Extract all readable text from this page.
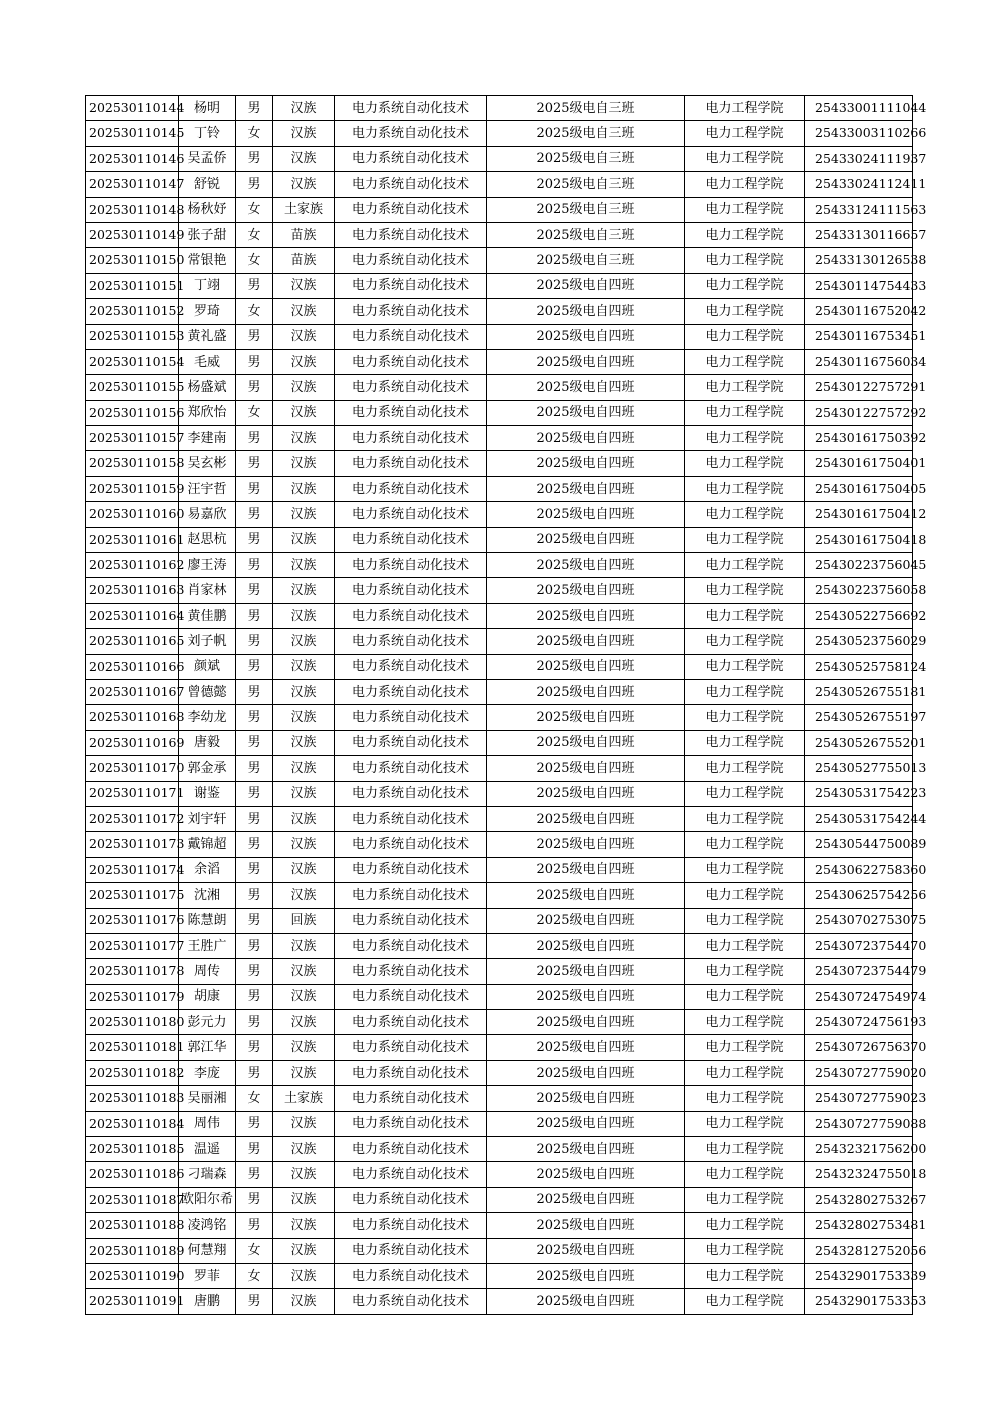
202530110144	杨明	男	汉族	电力系统自动化技术	2025级电自三班	电力工程学院	25433001111044
202530110145	丁铃	女	汉族	电力系统自动化技术	2025级电自三班	电力工程学院	25433003110266
202530110146	吴孟侨	男	汉族	电力系统自动化技术	2025级电自三班	电力工程学院	25433024111937
202530110147	舒锐	男	汉族	电力系统自动化技术	2025级电自三班	电力工程学院	25433024112411
202530110148	杨秋妤	女	土家族	电力系统自动化技术	2025级电自三班	电力工程学院	25433124111563
202530110149	张子甜	女	苗族	电力系统自动化技术	2025级电自三班	电力工程学院	25433130116657
202530110150	常银艳	女	苗族	电力系统自动化技术	2025级电自三班	电力工程学院	25433130126538
202530110151	丁翊	男	汉族	电力系统自动化技术	2025级电自四班	电力工程学院	25430114754433
202530110152	罗琦	女	汉族	电力系统自动化技术	2025级电自四班	电力工程学院	25430116752042
202530110153	黄礼盛	男	汉族	电力系统自动化技术	2025级电自四班	电力工程学院	25430116753451
202530110154	毛威	男	汉族	电力系统自动化技术	2025级电自四班	电力工程学院	25430116756034
202530110155	杨盛斌	男	汉族	电力系统自动化技术	2025级电自四班	电力工程学院	25430122757291
202530110156	郑欣怡	女	汉族	电力系统自动化技术	2025级电自四班	电力工程学院	25430122757292
202530110157	李建南	男	汉族	电力系统自动化技术	2025级电自四班	电力工程学院	25430161750392
202530110158	吴玄彬	男	汉族	电力系统自动化技术	2025级电自四班	电力工程学院	25430161750401
202530110159	汪宇哲	男	汉族	电力系统自动化技术	2025级电自四班	电力工程学院	25430161750405
202530110160	易嘉欣	男	汉族	电力系统自动化技术	2025级电自四班	电力工程学院	25430161750412
202530110161	赵思杭	男	汉族	电力系统自动化技术	2025级电自四班	电力工程学院	25430161750418
202530110162	廖王涛	男	汉族	电力系统自动化技术	2025级电自四班	电力工程学院	25430223756045
202530110163	肖家林	男	汉族	电力系统自动化技术	2025级电自四班	电力工程学院	25430223756058
202530110164	黄佳鹏	男	汉族	电力系统自动化技术	2025级电自四班	电力工程学院	25430522756692
202530110165	刘子帆	男	汉族	电力系统自动化技术	2025级电自四班	电力工程学院	25430523756029
202530110166	颜斌	男	汉族	电力系统自动化技术	2025级电自四班	电力工程学院	25430525758124
202530110167	曾德懿	男	汉族	电力系统自动化技术	2025级电自四班	电力工程学院	25430526755181
202530110168	李幼龙	男	汉族	电力系统自动化技术	2025级电自四班	电力工程学院	25430526755197
202530110169	唐毅	男	汉族	电力系统自动化技术	2025级电自四班	电力工程学院	25430526755201
202530110170	郭金承	男	汉族	电力系统自动化技术	2025级电自四班	电力工程学院	25430527755013
202530110171	谢鉴	男	汉族	电力系统自动化技术	2025级电自四班	电力工程学院	25430531754223
202530110172	刘宇轩	男	汉族	电力系统自动化技术	2025级电自四班	电力工程学院	25430531754244
202530110173	戴锦超	男	汉族	电力系统自动化技术	2025级电自四班	电力工程学院	25430544750089
202530110174	余滔	男	汉族	电力系统自动化技术	2025级电自四班	电力工程学院	25430622758360
202530110175	沈湘	男	汉族	电力系统自动化技术	2025级电自四班	电力工程学院	25430625754256
202530110176	陈慧朗	男	回族	电力系统自动化技术	2025级电自四班	电力工程学院	25430702753075
202530110177	王胜广	男	汉族	电力系统自动化技术	2025级电自四班	电力工程学院	25430723754470
202530110178	周传	男	汉族	电力系统自动化技术	2025级电自四班	电力工程学院	25430723754479
202530110179	胡康	男	汉族	电力系统自动化技术	2025级电自四班	电力工程学院	25430724754974
202530110180	彭元力	男	汉族	电力系统自动化技术	2025级电自四班	电力工程学院	25430724756193
202530110181	郭江华	男	汉族	电力系统自动化技术	2025级电自四班	电力工程学院	25430726756370
202530110182	李庞	男	汉族	电力系统自动化技术	2025级电自四班	电力工程学院	25430727759020
202530110183	吴丽湘	女	土家族	电力系统自动化技术	2025级电自四班	电力工程学院	25430727759023
202530110184	周伟	男	汉族	电力系统自动化技术	2025级电自四班	电力工程学院	25430727759088
202530110185	温遥	男	汉族	电力系统自动化技术	2025级电自四班	电力工程学院	25432321756200
202530110186	刁瑞森	男	汉族	电力系统自动化技术	2025级电自四班	电力工程学院	25432324755018
202530110187	欧阳尔希	男	汉族	电力系统自动化技术	2025级电自四班	电力工程学院	25432802753267
202530110188	凌鸿铭	男	汉族	电力系统自动化技术	2025级电自四班	电力工程学院	25432802753481
202530110189	何慧翔	女	汉族	电力系统自动化技术	2025级电自四班	电力工程学院	25432812752056
202530110190	罗菲	女	汉族	电力系统自动化技术	2025级电自四班	电力工程学院	25432901753339
202530110191	唐鹏	男	汉族	电力系统自动化技术	2025级电自四班	电力工程学院	25432901753353
